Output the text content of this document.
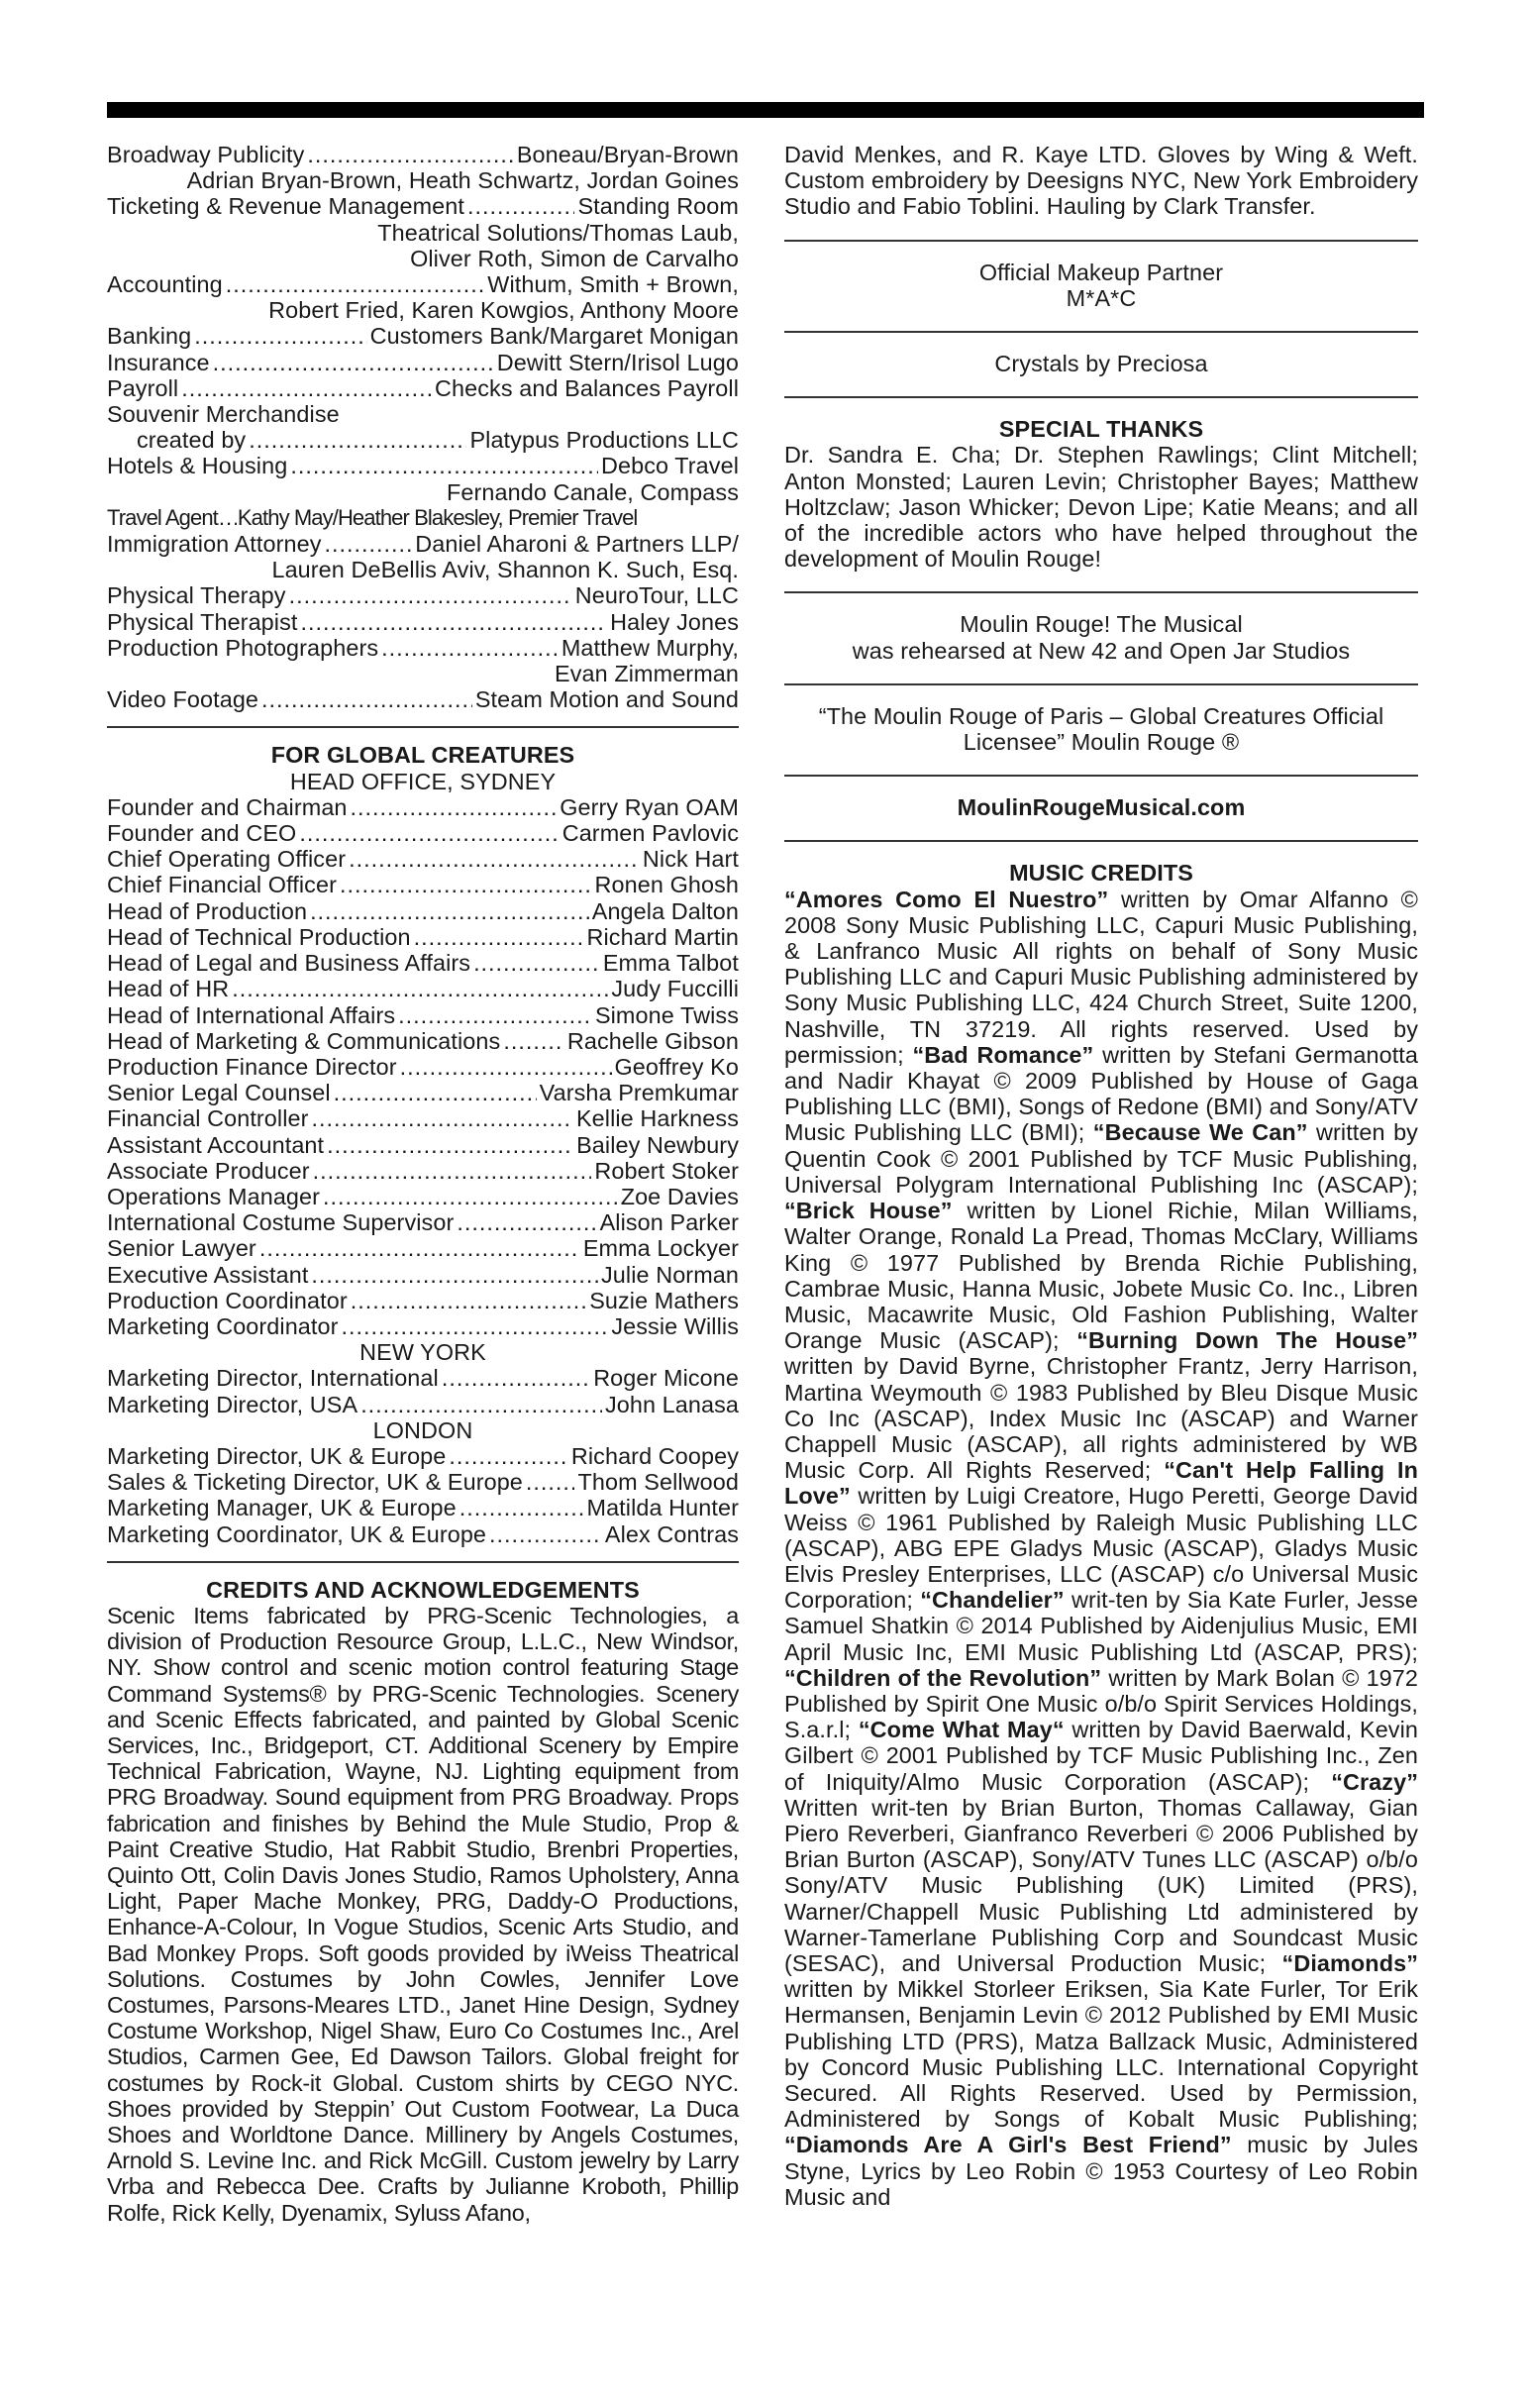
Broadway Publicity .....	Boneau/Bryan-Brown
Adrian Bryan-Brown, Heath Schwartz, Jordan Goines
Ticketing & Revenue Management .....	Standing Room
Theatrical Solutions/Thomas Laub,
Oliver Roth, Simon de Carvalho
Accounting .....	Withum, Smith + Brown,
Robert Fried, Karen Kowgios, Anthony Moore
Banking .....	Customers Bank/Margaret Monigan
Insurance .....	Dewitt Stern/Irisol Lugo
Payroll .....	Checks and Balances Payroll
Souvenir Merchandise
created by .....	Platypus Productions LLC
Hotels & Housing .....	Debco Travel
Fernando Canale, Compass
Travel Agent ..... Kathy May/Heather Blakesley, Premier Travel
Immigration Attorney .....	Daniel Aharoni & Partners LLP/
Lauren DeBellis Aviv, Shannon K. Such, Esq.
Physical Therapy .....	NeuroTour, LLC
Physical Therapist .....	Haley Jones
Production Photographers .....	Matthew Murphy,
Evan Zimmerman
Video Footage .....	Steam Motion and Sound
FOR GLOBAL CREATURES
HEAD OFFICE, SYDNEY
Founder and Chairman .....	Gerry Ryan OAM
Founder and CEO .....	Carmen Pavlovic
Chief Operating Officer .....	Nick Hart
Chief Financial Officer .....	Ronen Ghosh
Head of Production .....	Angela Dalton
Head of Technical Production .....	Richard Martin
Head of Legal and Business Affairs .....	Emma Talbot
Head of HR .....	Judy Fuccilli
Head of International Affairs .....	Simone Twiss
Head of Marketing & Communications .....	Rachelle Gibson
Production Finance Director .....	Geoffrey Ko
Senior Legal Counsel .....	Varsha Premkumar
Financial Controller .....	Kellie Harkness
Assistant Accountant .....	Bailey Newbury
Associate Producer .....	Robert Stoker
Operations Manager .....	Zoe Davies
International Costume Supervisor .....	Alison Parker
Senior Lawyer .....	Emma Lockyer
Executive Assistant .....	Julie Norman
Production Coordinator .....	Suzie Mathers
Marketing Coordinator .....	Jessie Willis
NEW YORK
Marketing Director, International .....	Roger Micone
Marketing Director, USA .....	John Lanasa
LONDON
Marketing Director, UK & Europe .....	Richard Coopey
Sales & Ticketing Director, UK & Europe ..... Thom Sellwood
Marketing Manager, UK & Europe .....	Matilda Hunter
Marketing Coordinator, UK & Europe .....	Alex Contras
CREDITS AND ACKNOWLEDGEMENTS
Scenic Items fabricated by PRG-Scenic Technologies, a division of Production Resource Group, L.L.C., New Windsor, NY. Show control and scenic motion control featuring Stage Command Systems® by PRG-Scenic Technologies. Scenery and Scenic Effects fabricated, and painted by Global Scenic Services, Inc., Bridgeport, CT. Additional Scenery by Empire Technical Fabrication, Wayne, NJ. Lighting equipment from PRG Broadway. Sound equipment from PRG Broadway. Props fabrication and finishes by Behind the Mule Studio, Prop & Paint Creative Studio, Hat Rabbit Studio, Brenbri Properties, Quinto Ott, Colin Davis Jones Studio, Ramos Upholstery, Anna Light, Paper Mache Monkey, PRG, Daddy-O Productions, Enhance-A-Colour, In Vogue Studios, Scenic Arts Studio, and Bad Monkey Props. Soft goods provided by iWeiss Theatrical Solutions. Costumes by John Cowles, Jennifer Love Costumes, Parsons-Meares LTD., Janet Hine Design, Sydney Costume Workshop, Nigel Shaw, Euro Co Costumes Inc., Arel Studios, Carmen Gee, Ed Dawson Tailors. Global freight for costumes by Rock-it Global. Custom shirts by CEGO NYC. Shoes provided by Steppin’ Out Custom Footwear, La Duca Shoes and Worldtone Dance. Millinery by Angels Costumes, Arnold S. Levine Inc. and Rick McGill. Custom jewelry by Larry Vrba and Rebecca Dee. Crafts by Julianne Kroboth, Phillip Rolfe, Rick Kelly, Dyenamix, Syluss Afano,
David Menkes, and R. Kaye LTD. Gloves by Wing & Weft. Custom embroidery by Deesigns NYC, New York Embroidery Studio and Fabio Toblini. Hauling by Clark Transfer.
Official Makeup Partner
M*A*C
Crystals by Preciosa
SPECIAL THANKS
Dr. Sandra E. Cha; Dr. Stephen Rawlings; Clint Mitchell; Anton Monsted; Lauren Levin; Christopher Bayes; Matthew Holtzclaw; Jason Whicker; Devon Lipe; Katie Means; and all of the incredible actors who have helped throughout the development of Moulin Rouge!
Moulin Rouge! The Musical
was rehearsed at New 42 and Open Jar Studios
“The Moulin Rouge of Paris – Global Creatures Official
Licensee” Moulin Rouge ®
MoulinRougeMusical.com
MUSIC CREDITS
“Amores Como El Nuestro” written by Omar Alfanno © 2008 Sony Music Publishing LLC, Capuri Music Publishing, & Lanfranco Music All rights on behalf of Sony Music Publishing LLC and Capuri Music Publishing administered by Sony Music Publishing LLC, 424 Church Street, Suite 1200, Nashville, TN 37219. All rights reserved. Used by permission; “Bad Romance” written by Stefani Germanotta and Nadir Khayat © 2009 Published by House of Gaga Publishing LLC (BMI), Songs of Redone (BMI) and Sony/ATV Music Publishing LLC (BMI); “Because We Can” written by Quentin Cook © 2001 Published by TCF Music Publishing, Universal Polygram International Publishing Inc (ASCAP); “Brick House” written by Lionel Richie, Milan Williams, Walter Orange, Ronald La Pread, Thomas McClary, Williams King © 1977 Published by Brenda Richie Publishing, Cambrae Music, Hanna Music, Jobete Music Co. Inc., Libren Music, Macawrite Music, Old Fashion Publishing, Walter Orange Music (ASCAP); “Burning Down The House” written by David Byrne, Christopher Frantz, Jerry Harrison, Martina Weymouth © 1983 Published by Bleu Disque Music Co Inc (ASCAP), Index Music Inc (ASCAP) and Warner Chappell Music (ASCAP), all rights administered by WB Music Corp. All Rights Reserved; “Can't Help Falling In Love” written by Luigi Creatore, Hugo Peretti, George David Weiss © 1961 Published by Raleigh Music Publishing LLC (ASCAP), ABG EPE Gladys Music (ASCAP), Gladys Music Elvis Presley Enterprises, LLC (ASCAP) c/o Universal Music Corporation; “Chandelier” writ-ten by Sia Kate Furler, Jesse Samuel Shatkin © 2014 Published by Aidenjulius Music, EMI April Music Inc, EMI Music Publishing Ltd (ASCAP, PRS); “Children of the Revolution” written by Mark Bolan © 1972 Published by Spirit One Music o/b/o Spirit Services Holdings, S.a.r.l; “Come What May“ written by David Baerwald, Kevin Gilbert © 2001 Published by TCF Music Publishing Inc., Zen of Iniquity/Almo Music Corporation (ASCAP); “Crazy” Written writ-ten by Brian Burton, Thomas Callaway, Gian Piero Reverberi, Gianfranco Reverberi © 2006 Published by Brian Burton (ASCAP), Sony/ATV Tunes LLC (ASCAP) o/b/o Sony/ATV Music Publishing (UK) Limited (PRS), Warner/Chappell Music Publishing Ltd administered by Warner-Tamerlane Publishing Corp and Soundcast Music (SESAC), and Universal Production Music; “Diamonds” written by Mikkel Storleer Eriksen, Sia Kate Furler, Tor Erik Hermansen, Benjamin Levin © 2012 Published by EMI Music Publishing LTD (PRS), Matza Ballzack Music, Administered by Concord Music Publishing LLC. International Copyright Secured. All Rights Reserved. Used by Permission, Administered by Songs of Kobalt Music Publishing; “Diamonds Are A Girl's Best Friend” music by Jules Styne, Lyrics by Leo Robin © 1953 Courtesy of Leo Robin Music and
